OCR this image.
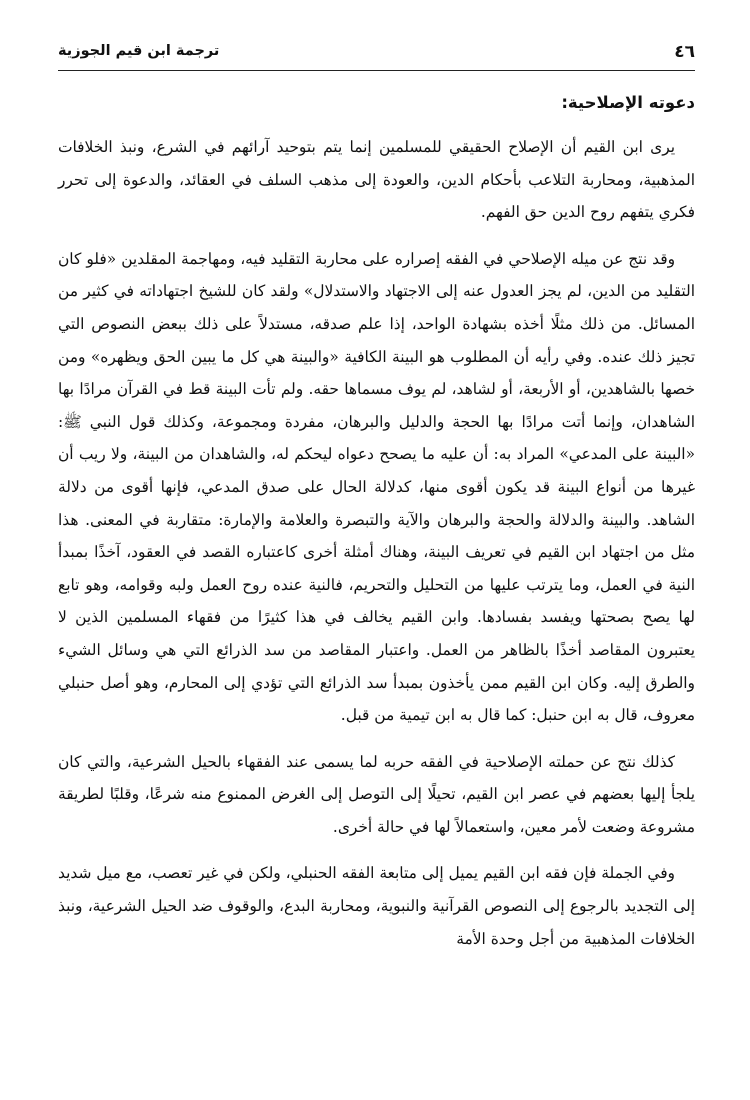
٤٦
ترجمة ابن قيم الجوزية
دعوته الإصلاحية:

يرى ابن القيم أن الإصلاح الحقيقي للمسلمين إنما يتم بتوحيد آرائهم في الشرع، ونبذ الخلافات المذهبية، ومحاربة التلاعب بأحكام الدين، والعودة إلى مذهب السلف في العقائد، والدعوة إلى تحرر فكري يتفهم روح الدين حق الفهم.

وقد نتج عن ميله الإصلاحي في الفقه إصراره على محاربة التقليد فيه، ومهاجمة المقلدين «فلو كان التقليد من الدين، لم يجز العدول عنه إلى الاجتهاد والاستدلال» ولقد كان للشيخ اجتهاداته في كثير من المسائل. من ذلك مثلًا أخذه بشهادة الواحد، إذا علم صدقه، مستدلاً على ذلك ببعض النصوص التي تجيز ذلك عنده. وفي رأيه أن المطلوب هو البينة الكافية «والبينة هي كل ما يبين الحق ويظهره» ومن خصها بالشاهدين، أو الأربعة، أو لشاهد، لم يوف مسماها حقه. ولم تأت البينة قط في القرآن مرادًا بها الشاهدان، وإنما أتت مرادًا بها الحجة والدليل والبرهان، مفردة ومجموعة، وكذلك قول النبي ﷺ: «البينة على المدعي» المراد به: أن عليه ما يصحح دعواه ليحكم له، والشاهدان من البينة، ولا ريب أن غيرها من أنواع البينة قد يكون أقوى منها، كدلالة الحال على صدق المدعي، فإنها أقوى من دلالة الشاهد. والبينة والدلالة والحجة والبرهان والآية والتبصرة والعلامة والإمارة: متقاربة في المعنى. هذا مثل من اجتهاد ابن القيم في تعريف البينة، وهناك أمثلة أخرى كاعتباره القصد في العقود، آخذًا بمبدأ النية في العمل، وما يترتب عليها من التحليل والتحريم، فالنية عنده روح العمل ولبه وقوامه، وهو تابع لها يصح بصحتها ويفسد بفسادها. وابن القيم يخالف في هذا كثيرًا من فقهاء المسلمين الذين لا يعتبرون المقاصد أخذًا بالظاهر من العمل. واعتبار المقاصد من سد الذرائع التي هي وسائل الشيء والطرق إليه. وكان ابن القيم ممن يأخذون بمبدأ سد الذرائع التي تؤدي إلى المحارم، وهو أصل حنبلي معروف، قال به ابن حنبل: كما قال به ابن تيمية من قبل.

كذلك نتج عن حملته الإصلاحية في الفقه حربه لما يسمى عند الفقهاء بالحيل الشرعية، والتي كان يلجأ إليها بعضهم في عصر ابن القيم، تحيلًا إلى التوصل إلى الغرض الممنوع منه شرعًا، وقلبًا لطريقة مشروعة وضعت لأمر معين، واستعمالاً لها في حالة أخرى.

وفي الجملة فإن فقه ابن القيم يميل إلى متابعة الفقه الحنبلي، ولكن في غير تعصب، مع ميل شديد إلى التجديد بالرجوع إلى النصوص القرآنية والنبوية، ومحاربة البدع، والوقوف ضد الحيل الشرعية، ونبذ الخلافات المذهبية من أجل وحدة الأمة
